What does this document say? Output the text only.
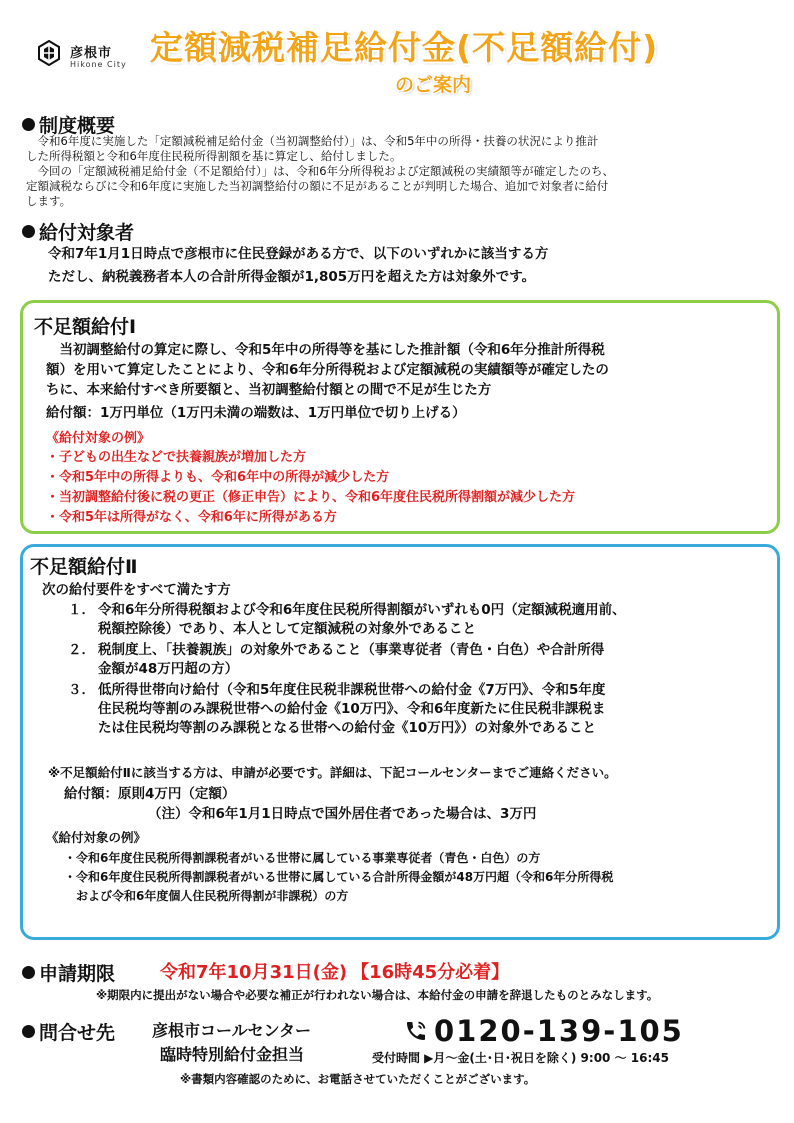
彦根市
Hikone City 定額減税補足給付金(不足額給付)
のご案内
制度概要
　令和6年度に実施した「定額減税補足給付金（当初調整給付）」は、令和5年中の所得・扶養の状況により推計
した所得税額と令和6年度住民税所得割額を基に算定し、給付しました。
　今回の「定額減税補足給付金（不足額給付）」は、令和6年分所得税および定額減税の実績額等が確定したのち、
定額減税ならびに令和6年度に実施した当初調整給付の額に不足があることが判明した場合、追加で対象者に給付
します。
給付対象者
令和7年1月1日時点で彦根市に住民登録がある方で、以下のいずれかに該当する方
ただし、納税義務者本人の合計所得金額が1,805万円を超えた方は対象外です。
不足額給付Ⅰ
　当初調整給付の算定に際し、令和5年中の所得等を基にした推計額（令和6年分推計所得税
額）を用いて算定したことにより、令和6年分所得税および定額減税の実績額等が確定したの
ちに、本来給付すべき所要額と、当初調整給付額との間で不足が生じた方
給付額：1万円単位（1万円未満の端数は、1万円単位で切り上げる）
《給付対象の例》
・子どもの出生などで扶養親族が増加した方
・令和5年中の所得よりも、令和6年中の所得が減少した方
・当初調整給付後に税の更正（修正申告）により、令和6年度住民税所得割額が減少した方
・令和5年は所得がなく、令和6年に所得がある方
不足額給付Ⅱ
次の給付要件をすべて満たす方
１． 令和6年分所得税額および令和6年度住民税所得割額がいずれも0円（定額減税適用前、
税額控除後）であり、本人として定額減税の対象外であること
２． 税制度上、「扶養親族」の対象外であること（事業専従者（青色・白色）や合計所得
金額が48万円超の方）
３． 低所得世帯向け給付（令和5年度住民税非課税世帯への給付金《7万円》、令和5年度
住民税均等割のみ課税世帯への給付金《10万円》、令和6年度新たに住民税非課税ま
たは住民税均等割のみ課税となる世帯への給付金《10万円》）の対象外であること
※不足額給付Ⅱに該当する方は、申請が必要です。詳細は、下記コールセンターまでご連絡ください。
給付額：原則4万円（定額）
（注）令和6年1月1日時点で国外居住者であった場合は、3万円
《給付対象の例》
・令和6年度住民税所得割課税者がいる世帯に属している事業専従者（青色・白色）の方
・令和6年度住民税所得割課税者がいる世帯に属している合計所得金額が48万円超（令和6年分所得税
　および令和6年度個人住民税所得割が非課税）の方
申請期限 令和7年10月31日(金) 【16時45分必着】
※期限内に提出がない場合や必要な補正が行われない場合は、本給付金の申請を辞退したものとみなします。
問合せ先 彦根市コールセンター
臨時特別給付金担当
0120-139-105
受付時間 ▶月～金(土･日･祝日を除く) 9:00 ～ 16:45
※書類内容確認のために、お電話させていただくことがございます。
